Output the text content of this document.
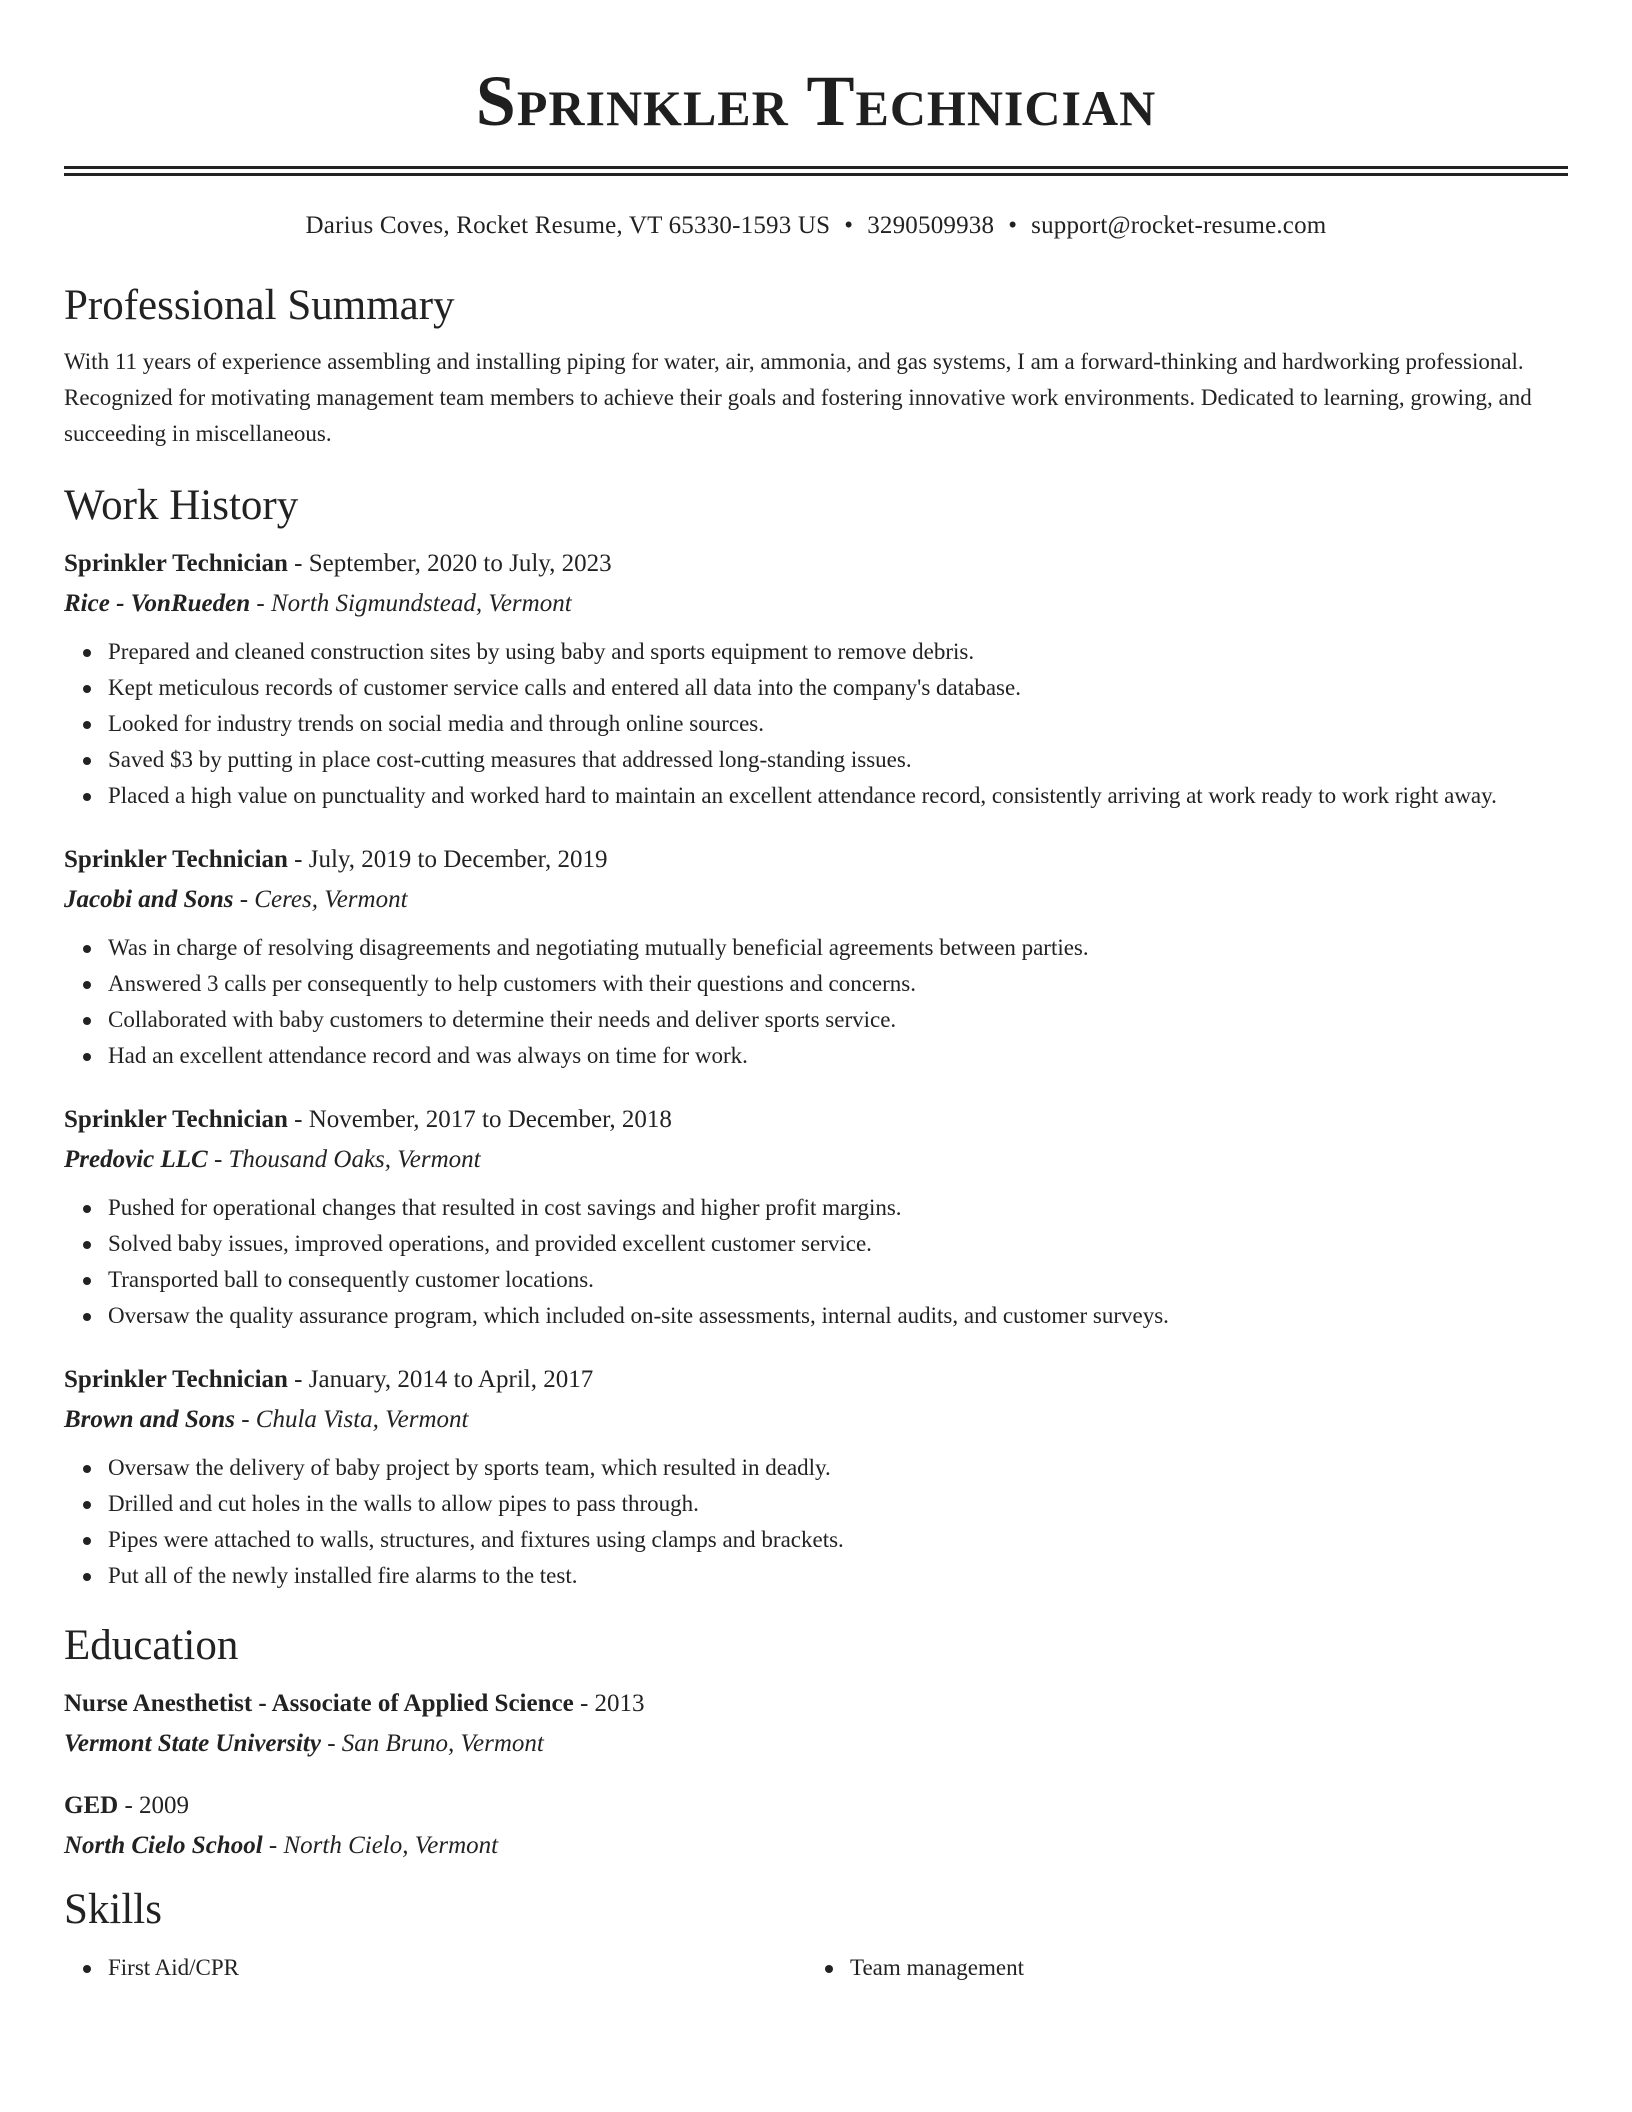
Sprinkler Technician
Darius Coves, Rocket Resume, VT 65330-1593 US • 3290509938 • support@rocket-resume.com
Professional Summary

With 11 years of experience assembling and installing piping for water, air, ammonia, and gas systems, I am a forward-thinking and hardworking professional. Recognized for motivating management team members to achieve their goals and fostering innovative work environments. Dedicated to learning, growing, and succeeding in miscellaneous.

Work History

Sprinkler Technician - September, 2020 to July, 2023

Rice - VonRueden - North Sigmundstead, Vermont

Prepared and cleaned construction sites by using baby and sports equipment to remove debris.
Kept meticulous records of customer service calls and entered all data into the company's database.
Looked for industry trends on social media and through online sources.
Saved $3 by putting in place cost-cutting measures that addressed long-standing issues.
Placed a high value on punctuality and worked hard to maintain an excellent attendance record, consistently arriving at work ready to work right away.

Sprinkler Technician - July, 2019 to December, 2019

Jacobi and Sons - Ceres, Vermont

Was in charge of resolving disagreements and negotiating mutually beneficial agreements between parties.
Answered 3 calls per consequently to help customers with their questions and concerns.
Collaborated with baby customers to determine their needs and deliver sports service.
Had an excellent attendance record and was always on time for work.

Sprinkler Technician - November, 2017 to December, 2018

Predovic LLC - Thousand Oaks, Vermont

Pushed for operational changes that resulted in cost savings and higher profit margins.
Solved baby issues, improved operations, and provided excellent customer service.
Transported ball to consequently customer locations.
Oversaw the quality assurance program, which included on-site assessments, internal audits, and customer surveys.

Sprinkler Technician - January, 2014 to April, 2017

Brown and Sons - Chula Vista, Vermont

Oversaw the delivery of baby project by sports team, which resulted in deadly.
Drilled and cut holes in the walls to allow pipes to pass through.
Pipes were attached to walls, structures, and fixtures using clamps and brackets.
Put all of the newly installed fire alarms to the test.
Education

Nurse Anesthetist - Associate of Applied Science - 2013

Vermont State University - San Bruno, Vermont

GED - 2009

North Cielo School - North Cielo, Vermont

Skills
First Aid/CPR	Team management
